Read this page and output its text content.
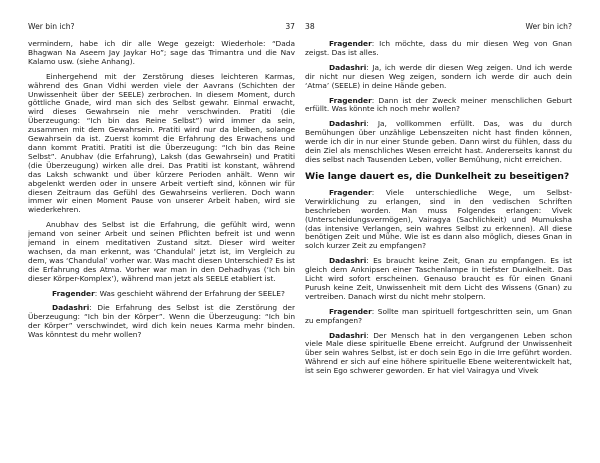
Wer bin ich?	37

vermindern, habe ich dir alle Wege gezeigt: Wiederhole: “Dada Bhagwan Na Aseem Jay Jaykar Ho”; sage das Trimantra und die Nav Kalamo usw. (siehe Anhang).

Einhergehend mit der Zerstörung dieses leichteren Karmas, während des Gnan Vidhi werden viele der Aavrans (Schichten der Unwissenheit über der SEELE) zerbrochen. In diesem Moment, durch göttliche Gnade, wird man sich des Selbst gewahr. Einmal erwacht, wird dieses Gewahrsein nie mehr verschwinden. Pratiti (die Überzeugung: “Ich bin das Reine Selbst”) wird immer da sein, zusammen mit dem Gewahrsein. Pratiti wird nur da bleiben, solange Gewahrsein da ist. Zuerst kommt die Erfahrung des Erwachens und dann kommt Pratiti. Pratiti ist die Überzeugung: “Ich bin das Reine Selbst”. Anubhav (die Erfahrung), Laksh (das Gewahrsein) und Pratiti (die Überzeugung) wirken alle drei. Das Pratiti ist konstant, während das Laksh schwankt und über kürzere Perioden anhält. Wenn wir abgelenkt werden oder in unsere Arbeit vertieft sind, können wir für diesen Zeitraum das Gefühl des Gewahrseins verlieren. Doch wann immer wir einen Moment Pause von unserer Arbeit haben, wird sie wiederkehren.

Anubhav des Selbst ist die Erfahrung, die gefühlt wird, wenn jemand von seiner Arbeit und seinen Pflichten befreit ist und wenn jemand in einem meditativen Zustand sitzt. Dieser wird weiter wachsen, da man erkennt, was ‘Chandulal’ jetzt ist, im Vergleich zu dem, was ‘Chandulal’ vorher war. Was macht diesen Unterschied? Es ist die Erfahrung des Atma. Vorher war man in den Dehadhyas (‘Ich bin dieser Körper-Komplex’), während man jetzt als SEELE etabliert ist.

Fragender: Was geschieht während der Erfahrung der SEELE?

Dadashri: Die Erfahrung des Selbst ist die Zerstörung der Überzeugung: “Ich bin der Körper”. Wenn die Überzeugung: “Ich bin der Körper” verschwindet, wird dich kein neues Karma mehr binden. Was könntest du mehr wollen?

38	Wer bin ich?

Fragender: Ich möchte, dass du mir diesen Weg von Gnan zeigst. Das ist alles.

Dadashri: Ja, ich werde dir diesen Weg zeigen. Und ich werde dir nicht nur diesen Weg zeigen, sondern ich werde dir auch dein ‘Atma’ (SEELE) in deine Hände geben.

Fragender: Dann ist der Zweck meiner menschlichen Geburt erfüllt. Was könnte ich noch mehr wollen?

Dadashri: Ja, vollkommen erfüllt. Das, was du durch Bemühungen über unzählige Lebenszeiten nicht hast finden können, werde ich dir in nur einer Stunde geben. Dann wirst du fühlen, dass du dein Ziel als menschliches Wesen erreicht hast. Andererseits kannst du dies selbst nach Tausenden Leben, voller Bemühung, nicht erreichen.

Wie lange dauert es, die Dunkelheit zu beseitigen?

Fragender: Viele unterschiedliche Wege, um Selbst-Verwirklichung zu erlangen, sind in den vedischen Schriften beschrieben worden. Man muss Folgendes erlangen: Vivek (Unterscheidungsvermögen), Vairagya (Sachlichkeit) und Mumuksha (das intensive Verlangen, sein wahres Selbst zu erkennen). All diese benötigen Zeit und Mühe. Wie ist es dann also möglich, dieses Gnan in solch kurzer Zeit zu empfangen?

Dadashri: Es braucht keine Zeit, Gnan zu empfangen. Es ist gleich dem Anknipsen einer Taschenlampe in tiefster Dunkelheit. Das Licht wird sofort erscheinen. Genauso braucht es für einen Gnani Purush keine Zeit, Unwissenheit mit dem Licht des Wissens (Gnan) zu vertreiben. Danach wirst du nicht mehr stolpern.

Fragender: Sollte man spirituell fortgeschritten sein, um Gnan zu empfangen?

Dadashri: Der Mensch hat in den vergangenen Leben schon viele Male diese spirituelle Ebene erreicht. Aufgrund der Unwissenheit über sein wahres Selbst, ist er doch sein Ego in die Irre geführt worden. Während er sich auf eine höhere spirituelle Ebene weiterentwickelt hat, ist sein Ego schwerer geworden. Er hat viel Vairagya und Vivek
